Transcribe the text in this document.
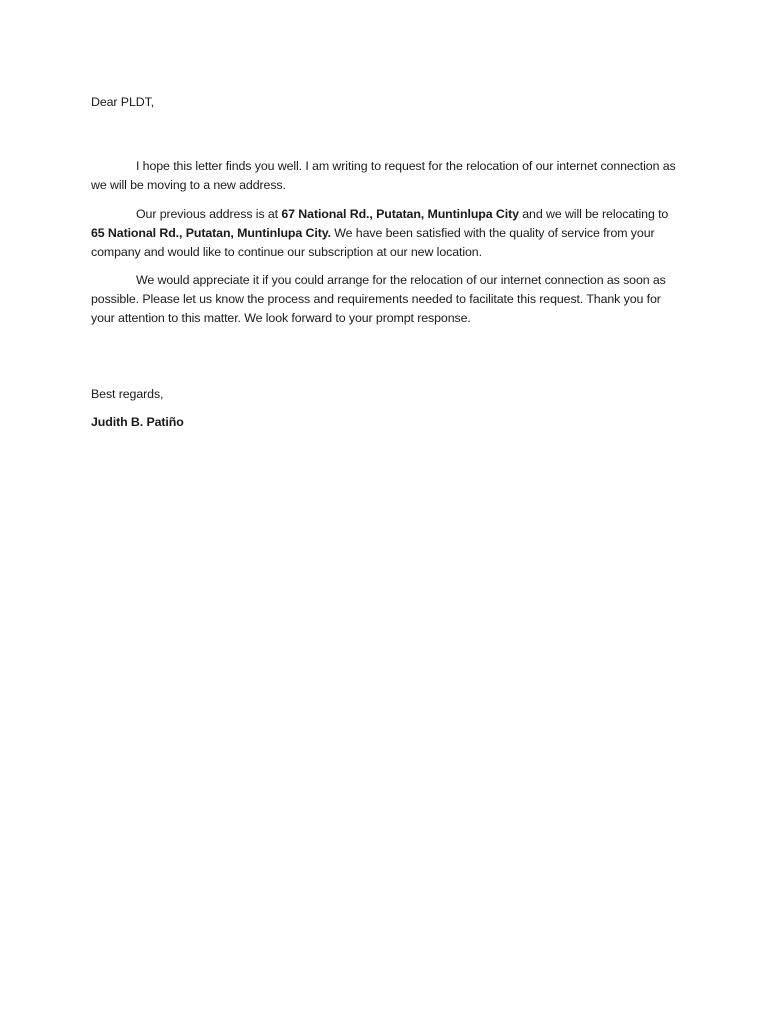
Dear PLDT,

I hope this letter finds you well. I am writing to request for the relocation of our internet connection as we will be moving to a new address.

Our previous address is at 67 National Rd., Putatan, Muntinlupa City and we will be relocating to 65 National Rd., Putatan, Muntinlupa City. We have been satisfied with the quality of service from your company and would like to continue our subscription at our new location.

We would appreciate it if you could arrange for the relocation of our internet connection as soon as possible. Please let us know the process and requirements needed to facilitate this request. Thank you for your attention to this matter. We look forward to your prompt response.

Best regards,

Judith B. Patiño
